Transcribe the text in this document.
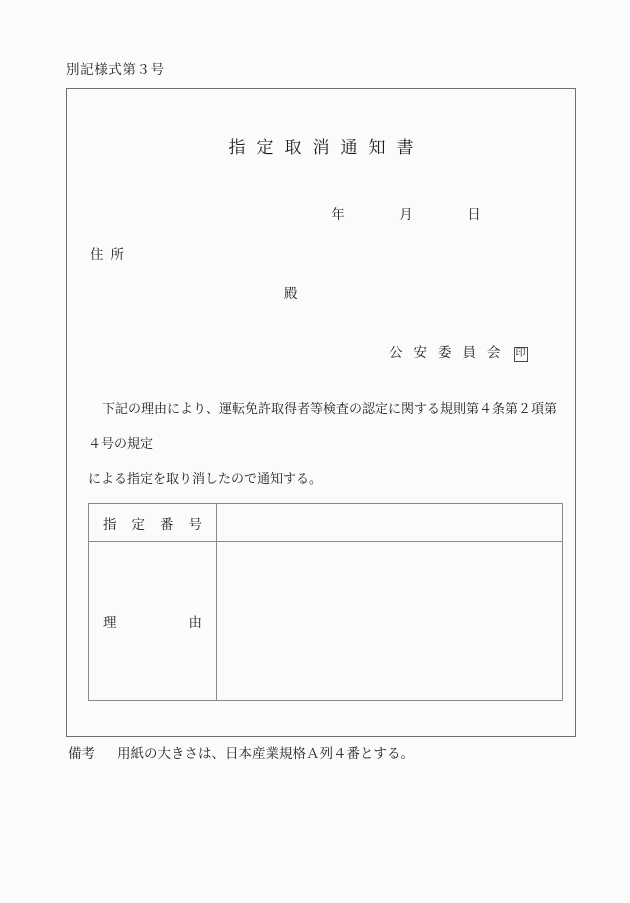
別記様式第３号
指定取消通知書
年	月	日
住所
殿
公安委員会 印
下記の理由により、運転免許取得者等検査の認定に関する規則第４条第２項第４号の規定
による指定を取り消したので通知する。
指定番号	

理由	

備考 用紙の大きさは、日本産業規格Ａ列４番とする。
